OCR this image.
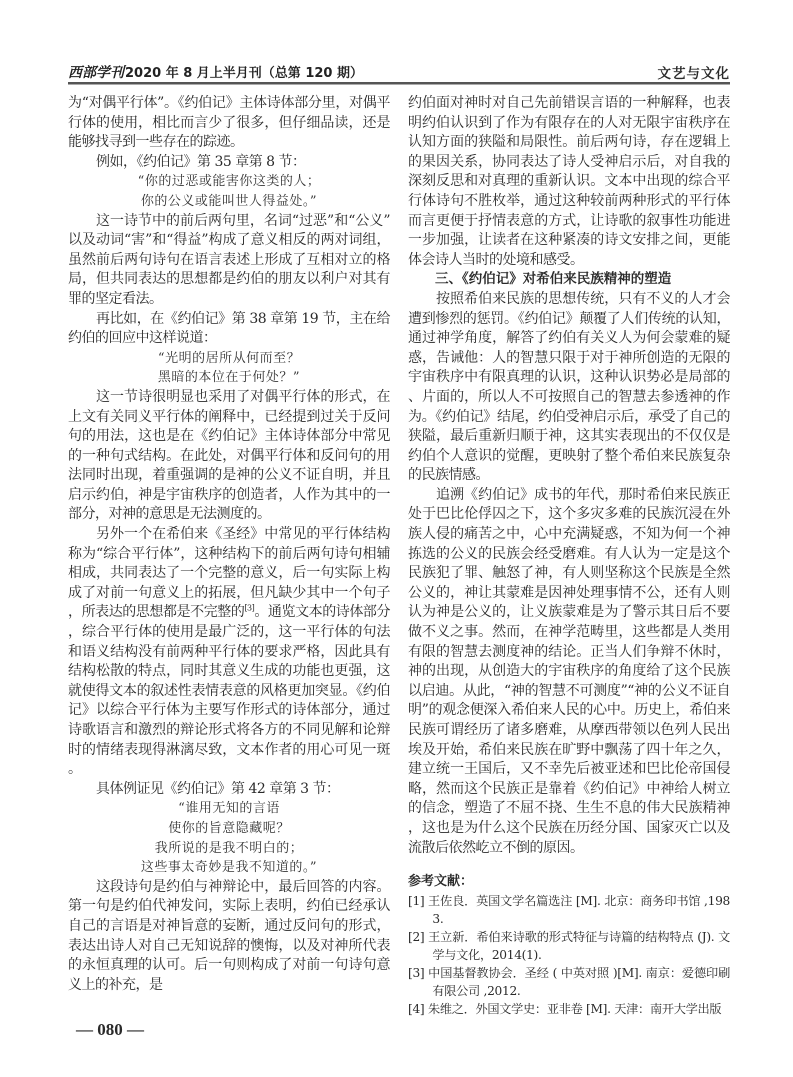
西部学刊2020 年 8 月上半月刊（总第 120 期）	文艺与文化

为“对偶平行体”。《约伯记》主体诗体部分里，对偶平行体的使用，相比而言少了很多，但仔细品读，还是能够找寻到一些存在的踪迹。

例如，《约伯记》第 35 章第 8 节：

“你的过恶或能害你这类的人；

你的公义或能叫世人得益处。”

这一诗节中的前后两句里，名词“过恶”和“公义”以及动词“害”和“得益”构成了意义相反的两对词组，虽然前后两句诗句在语言表述上形成了互相对立的格局，但共同表达的思想都是约伯的朋友以利户对其有罪的坚定看法。

再比如，在《约伯记》第 38 章第 19 节，主在给约伯的回应中这样说道：

“光明的居所从何而至？

黑暗的本位在于何处？”

这一节诗很明显也采用了对偶平行体的形式，在上文有关同义平行体的阐释中，已经提到过关于反问句的用法，这也是在《约伯记》主体诗体部分中常见的一种句式结构。在此处，对偶平行体和反问句的用法同时出现，着重强调的是神的公义不证自明，并且启示约伯，神是宇宙秩序的创造者，人作为其中的一部分，对神的意思是无法测度的。

另外一个在希伯来《圣经》中常见的平行体结构称为“综合平行体”，这种结构下的前后两句诗句相辅相成，共同表达了一个完整的意义，后一句实际上构成了对前一句意义上的拓展，但凡缺少其中一个句子，所表达的思想都是不完整的[3]。通览文本的诗体部分，综合平行体的使用是最广泛的，这一平行体的句法和语义结构没有前两种平行体的要求严格，因此具有结构松散的特点，同时其意义生成的功能也更强，这就使得文本的叙述性表情表意的风格更加突显。《约伯记》以综合平行体为主要写作形式的诗体部分，通过诗歌语言和激烈的辩论形式将各方的不同见解和论辩时的情绪表现得淋漓尽致，文本作者的用心可见一斑。

具体例证见《约伯记》第 42 章第 3 节：

“谁用无知的言语

使你的旨意隐藏呢？

我所说的是我不明白的；

这些事太奇妙是我不知道的。”

这段诗句是约伯与神辩论中，最后回答的内容。第一句是约伯代神发问，实际上表明，约伯已经承认自己的言语是对神旨意的妄断，通过反问句的形式，表达出诗人对自己无知说辞的懊悔，以及对神所代表的永恒真理的认可。后一句则构成了对前一句诗句意义上的补充，是

约伯面对神时对自己先前错误言语的一种解释，也表明约伯认识到了作为有限存在的人对无限宇宙秩序在认知方面的狭隘和局限性。前后两句诗，存在逻辑上的果因关系，协同表达了诗人受神启示后，对自我的深刻反思和对真理的重新认识。文本中出现的综合平行体诗句不胜枚举，通过这种较前两种形式的平行体而言更便于抒情表意的方式，让诗歌的叙事性功能进一步加强，让读者在这种紧凑的诗文安排之间，更能体会诗人当时的处境和感受。

三、《约伯记》对希伯来民族精神的塑造

按照希伯来民族的思想传统，只有不义的人才会遭到惨烈的惩罚。《约伯记》颠覆了人们传统的认知，通过神学角度，解答了约伯有关义人为何会蒙难的疑惑，告诫他：人的智慧只限于对于神所创造的无限的宇宙秩序中有限真理的认识，这种认识势必是局部的、片面的，所以人不可按照自己的智慧去参透神的作为。《约伯记》结尾，约伯受神启示后，承受了自己的狭隘，最后重新归顺于神，这其实表现出的不仅仅是约伯个人意识的觉醒，更映射了整个希伯来民族复杂的民族情感。

追溯《约伯记》成书的年代，那时希伯来民族正处于巴比伦俘囚之下，这个多灾多难的民族沉浸在外族人侵的痛苦之中，心中充满疑惑，不知为何一个神拣选的公义的民族会经受磨难。有人认为一定是这个民族犯了罪、触怒了神，有人则坚称这个民族是全然公义的，神让其蒙难是因神处理事情不公，还有人则认为神是公义的，让义族蒙难是为了警示其日后不要做不义之事。然而，在神学范畴里，这些都是人类用有限的智慧去测度神的结论。正当人们争辩不休时，神的出现，从创造大的宇宙秩序的角度给了这个民族以启迪。从此，“神的智慧不可测度”“神的公义不证自明”的观念便深入希伯来人民的心中。历史上，希伯来民族可谓经历了诸多磨难，从摩西带领以色列人民出埃及开始，希伯来民族在旷野中飘荡了四十年之久，建立统一王国后，又不幸先后被亚述和巴比伦帝国侵略，然而这个民族正是靠着《约伯记》中神给人树立的信念，塑造了不屈不挠、生生不息的伟大民族精神，这也是为什么这个民族在历经分国、国家灭亡以及流散后依然屹立不倒的原因。

参考文献：

[1] 王佐良．英国文学名篇选注 [M]. 北京：商务印书馆 ,1983.

[2] 王立新．希伯来诗歌的形式特征与诗篇的结构特点 (J). 文学与文化，2014(1).

[3] 中国基督教协会．圣经 ( 中英对照 )[M]. 南京：爱德印刷有限公司 ,2012.

[4] 朱维之．外国文学史：亚非卷 [M]. 天津：南开大学出版

— 080 —
